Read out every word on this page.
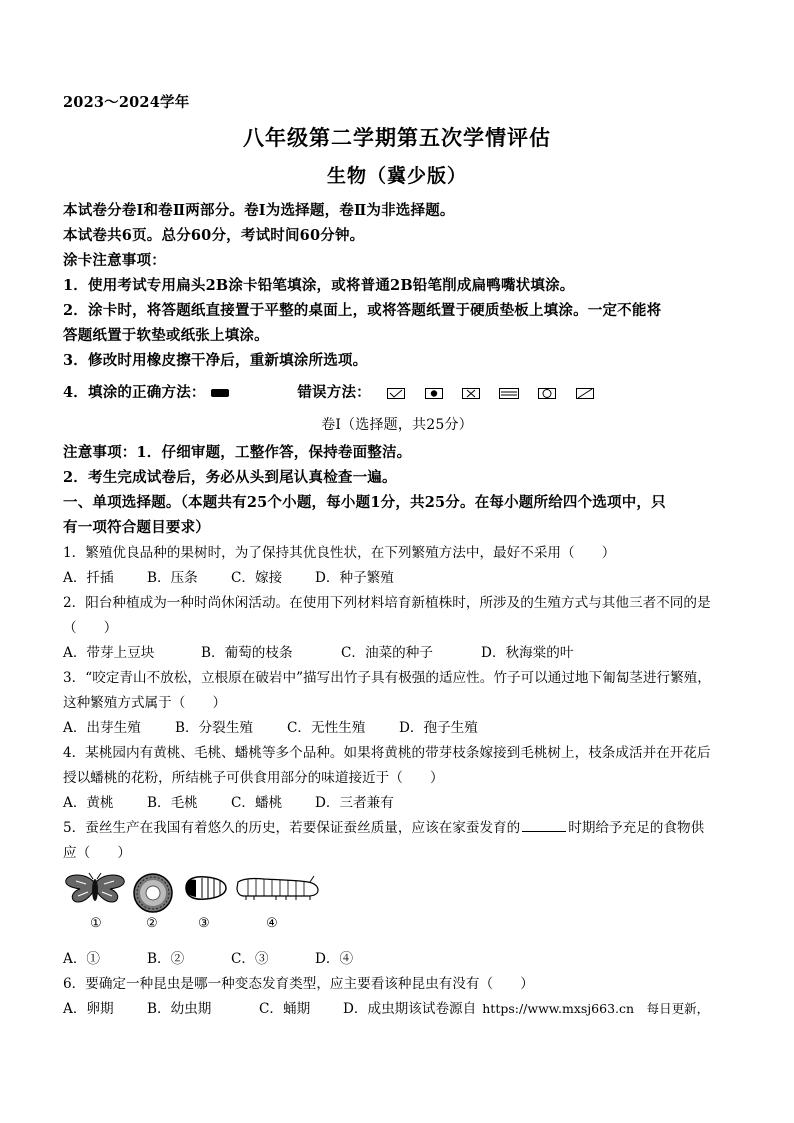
2023～2024学年
八年级第二学期第五次学情评估
生物（冀少版）
本试卷分卷Ⅰ和卷Ⅱ两部分。卷Ⅰ为选择题，卷Ⅱ为非选择题。
本试卷共6页。总分60分，考试时间60分钟。
涂卡注意事项：
1．使用考试专用扁头2B涂卡铅笔填涂，或将普通2B铅笔削成扁鸭嘴状填涂。
2．涂卡时，将答题纸直接置于平整的桌面上，或将答题纸置于硬质垫板上填涂。一定不能将
答题纸置于软垫或纸张上填涂。
3．修改时用橡皮擦干净后，重新填涂所选项。
4．填涂的正确方法：	错误方法：
卷Ⅰ（选择题，共25分）
注意事项：1．仔细审题，工整作答，保持卷面整洁。
2．考生完成试卷后，务必从头到尾认真检查一遍。
一、单项选择题。（本题共有25个小题，每小题1分，共25分。在每小题所给四个选项中，只
有一项符合题目要求）
1．繁殖优良品种的果树时，为了保持其优良性状，在下列繁殖方法中，最好不采用（　　）
A．扦插 B．压条 C．嫁接 D．种子繁殖
2．阳台种植成为一种时尚休闲活动。在使用下列材料培育新植株时，所涉及的生殖方式与其他三者不同的是
（　　）
A．带芽上豆块	B．葡萄的枝条	C．油菜的种子	D．秋海棠的叶
3．“咬定青山不放松，立根原在破岩中”描写出竹子具有极强的适应性。竹子可以通过地下匍匐茎进行繁殖，
这种繁殖方式属于（　　）
A．出芽生殖	B．分裂生殖	C．无性生殖 D．孢子生殖
4．某桃园内有黄桃、毛桃、蟠桃等多个品种。如果将黄桃的带芽枝条嫁接到毛桃树上，枝条成活并在开花后
授以蟠桃的花粉，所结桃子可供食用部分的味道接近于（　　）
A．黄桃 B．毛桃 C．蟠桃 D．三者兼有
5．蚕丝生产在我国有着悠久的历史，若要保证蚕丝质量，应该在家蚕发育的	时期给予充足的食物供
应（　　）
①	②	③	④
A．①	B．②	C．③	D．④
6．要确定一种昆虫是哪一种变态发育类型，应主要看该种昆虫有没有（　　）
A．卵期 B．幼虫期	C．蛹期 D．成虫期该试卷源自 https://www.mxsj663.cn　每日更新，
